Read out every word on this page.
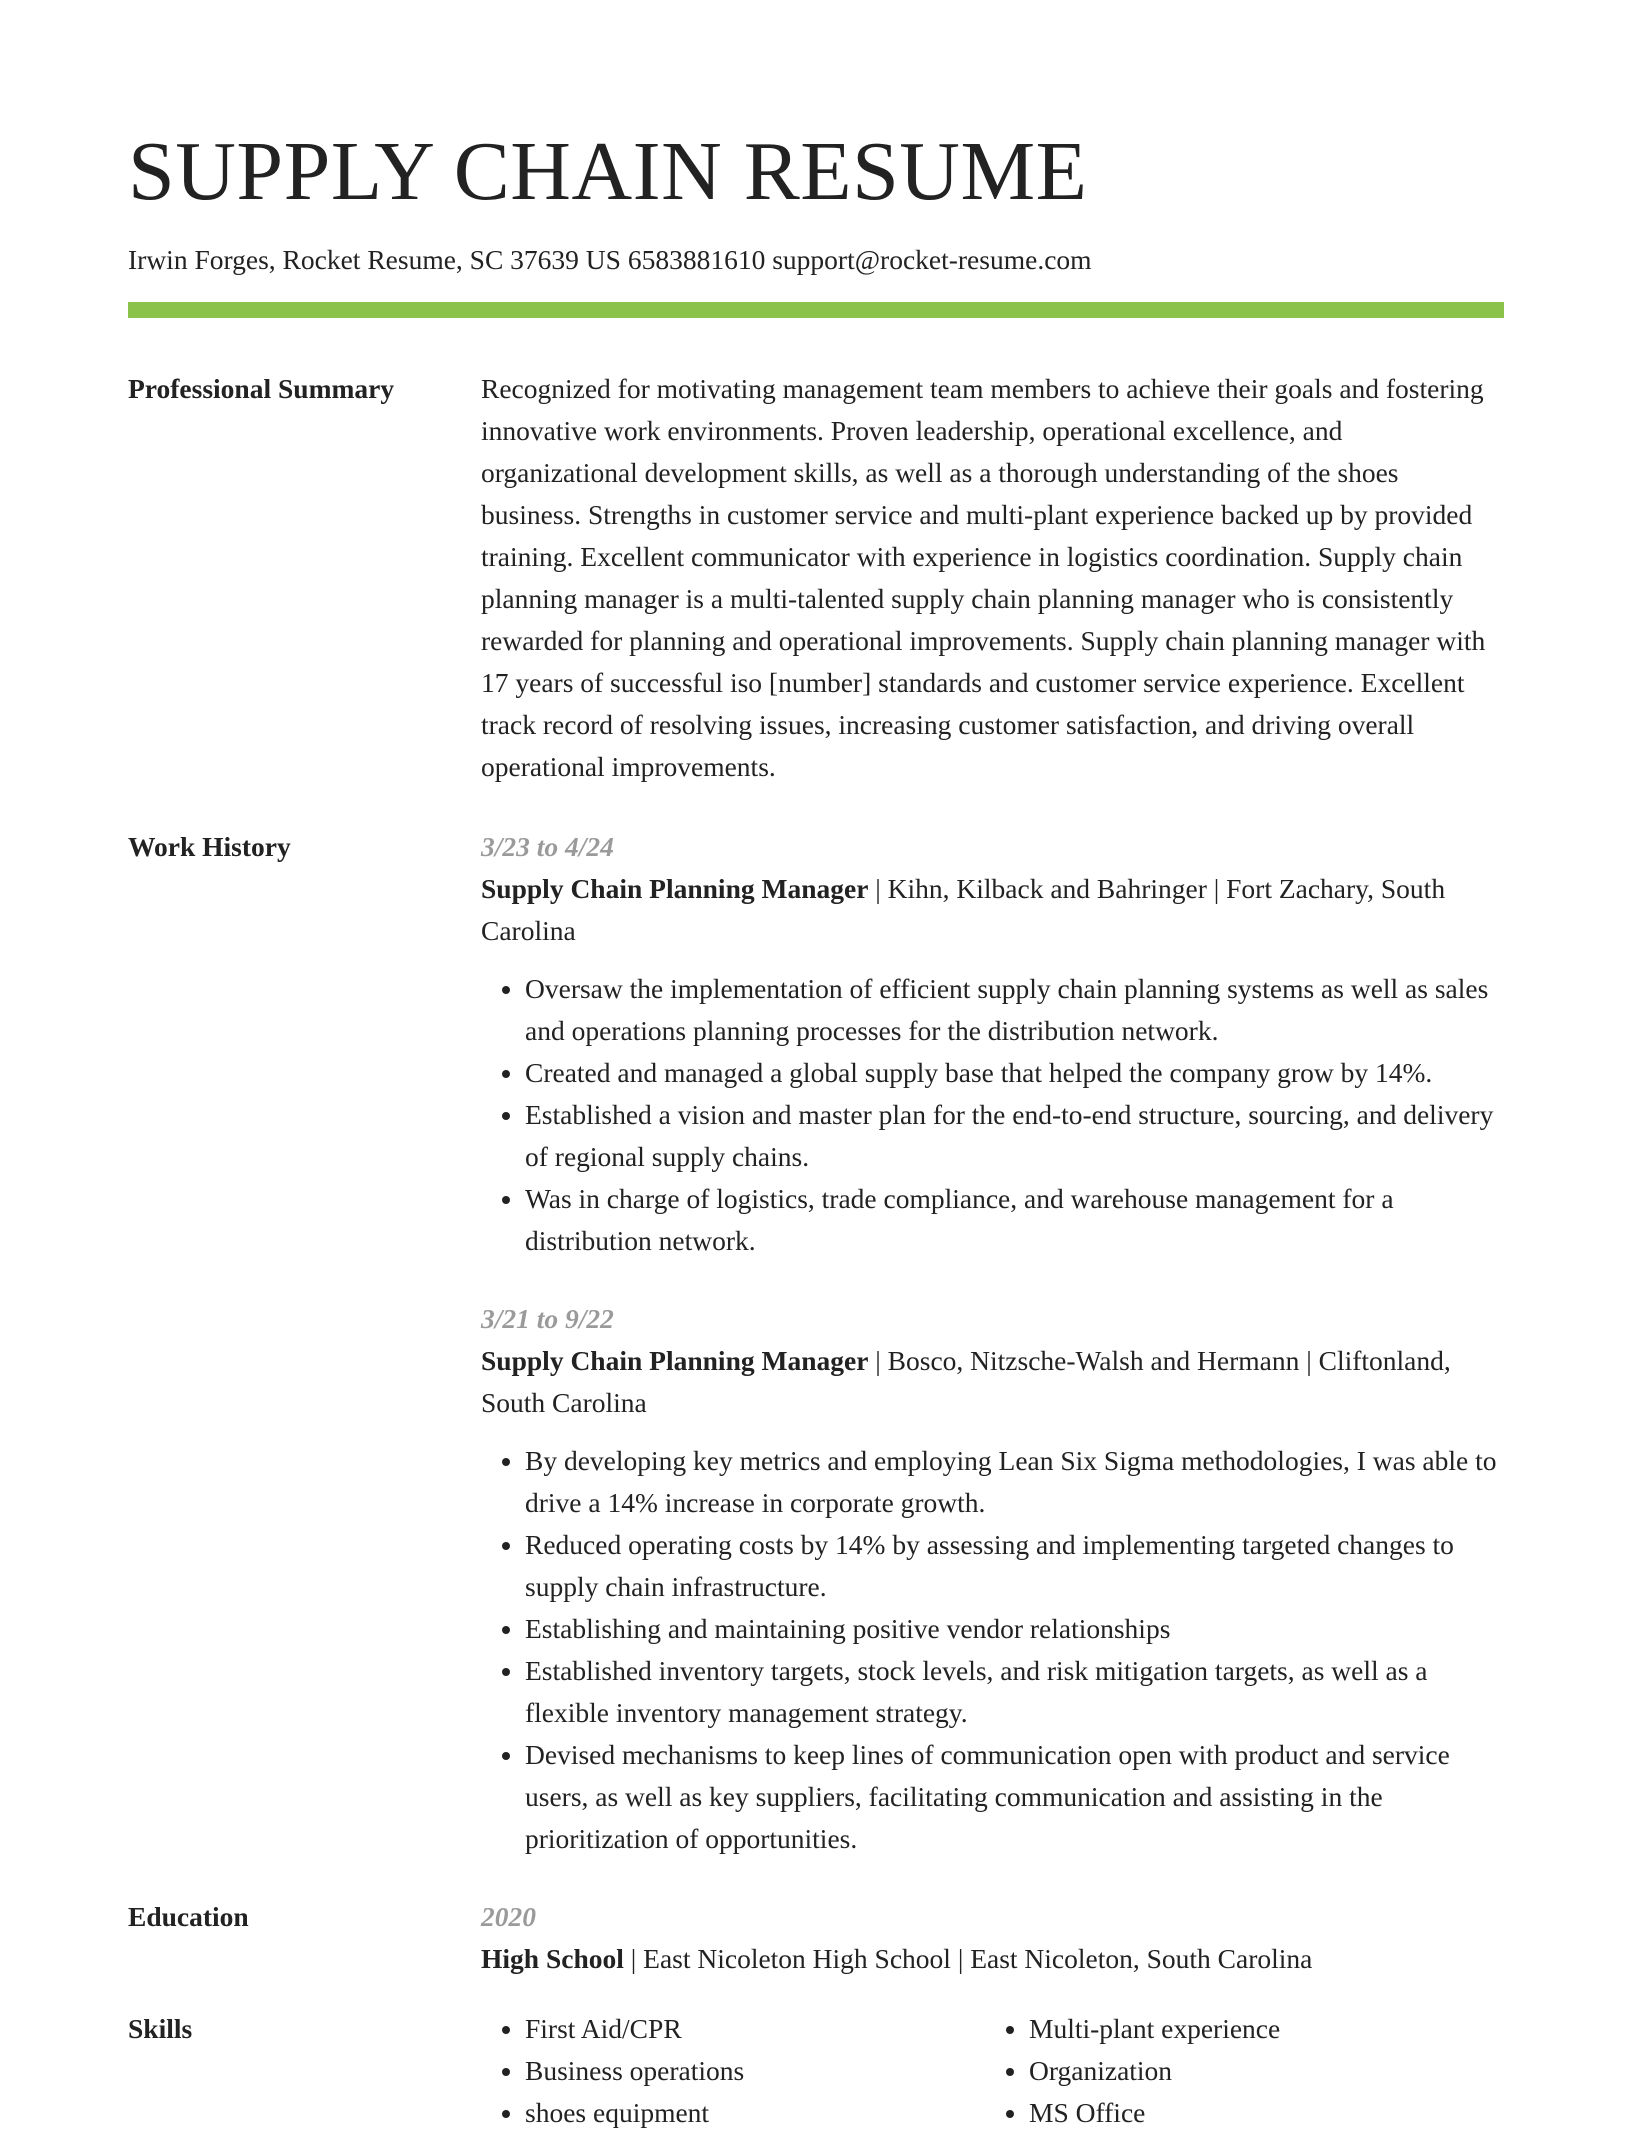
SUPPLY CHAIN RESUME
Irwin Forges, Rocket Resume, SC 37639 US 6583881610 support@rocket-resume.com
Professional Summary	Recognized for motivating management team members to achieve their goals and fostering innovative work environments. Proven leadership, operational excellence, and organizational development skills, as well as a thorough understanding of the shoes business. Strengths in customer service and multi-plant experience backed up by provided training. Excellent communicator with experience in logistics coordination. Supply chain planning manager is a multi-talented supply chain planning manager who is consistently rewarded for planning and operational improvements. Supply chain planning manager with 17 years of successful iso [number] standards and customer service experience. Excellent track record of resolving issues, increasing customer satisfaction, and driving overall operational improvements.
Work History	3/23 to 4/24
Supply Chain Planning Manager | Kihn, Kilback and Bahringer | Fort Zachary, South Carolina
• Oversaw the implementation of efficient supply chain planning systems as well as sales and operations planning processes for the distribution network.
• Created and managed a global supply base that helped the company grow by 14%.
• Established a vision and master plan for the end-to-end structure, sourcing, and delivery of regional supply chains.
• Was in charge of logistics, trade compliance, and warehouse management for a distribution network.
3/21 to 9/22
Supply Chain Planning Manager | Bosco, Nitzsche-Walsh and Hermann | Cliftonland, South Carolina
• By developing key metrics and employing Lean Six Sigma methodologies, I was able to drive a 14% increase in corporate growth.
• Reduced operating costs by 14% by assessing and implementing targeted changes to supply chain infrastructure.
• Establishing and maintaining positive vendor relationships
• Established inventory targets, stock levels, and risk mitigation targets, as well as a flexible inventory management strategy.
• Devised mechanisms to keep lines of communication open with product and service users, as well as key suppliers, facilitating communication and assisting in the prioritization of opportunities.
Education	2020
High School | East Nicoleton High School | East Nicoleton, South Carolina
Skills
•	First Aid/CPR
• Business operations
• shoes equipment
• Multi-plant experience
• Organization
• MS Office
